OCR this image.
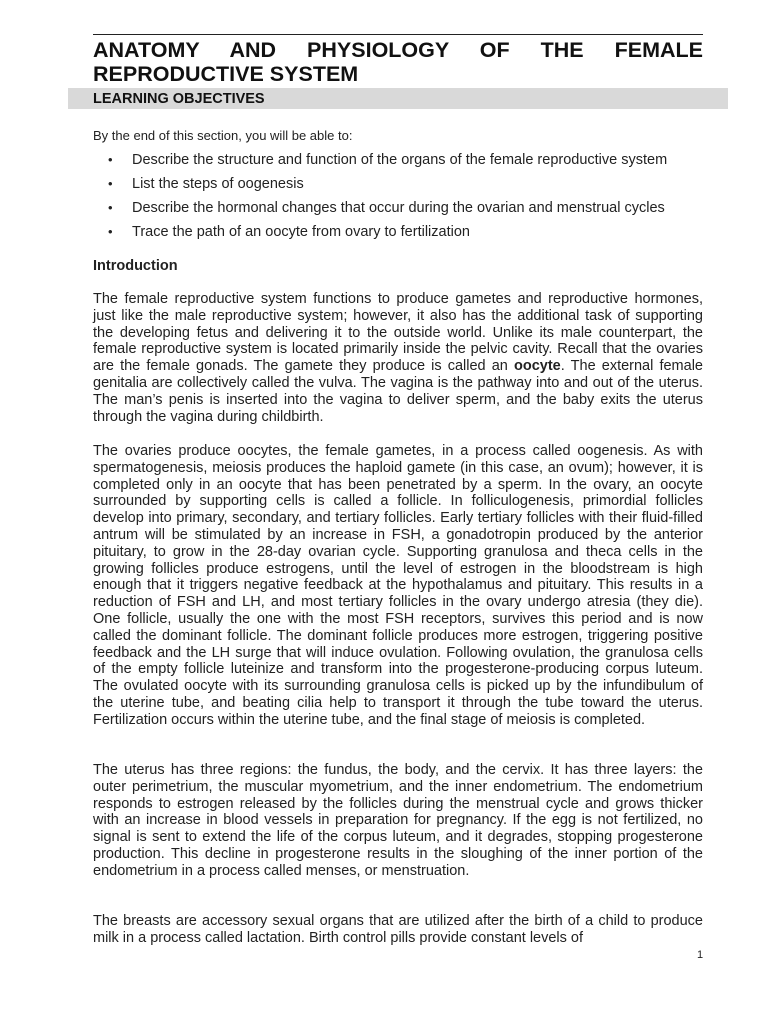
ANATOMY AND PHYSIOLOGY OF THE FEMALE REPRODUCTIVE SYSTEM
LEARNING OBJECTIVES

By the end of this section, you will be able to:

• Describe the structure and function of the organs of the female reproductive system
• List the steps of oogenesis
• Describe the hormonal changes that occur during the ovarian and menstrual cycles
• Trace the path of an oocyte from ovary to fertilization
Introduction

The female reproductive system functions to produce gametes and reproductive hormones, just like the male reproductive system; however, it also has the additional task of supporting the developing fetus and delivering it to the outside world. Unlike its male counterpart, the female reproductive system is located primarily inside the pelvic cavity. Recall that the ovaries are the female gonads. The gamete they produce is called an oocyte. The external female genitalia are collectively called the vulva. The vagina is the pathway into and out of the uterus. The man’s penis is inserted into the vagina to deliver sperm, and the baby exits the uterus through the vagina during childbirth.

The ovaries produce oocytes, the female gametes, in a process called oogenesis. As with spermatogenesis, meiosis produces the haploid gamete (in this case, an ovum); however, it is completed only in an oocyte that has been penetrated by a sperm. In the ovary, an oocyte surrounded by supporting cells is called a follicle. In folliculogenesis, primordial follicles develop into primary, secondary, and tertiary follicles. Early tertiary follicles with their fluid-filled antrum will be stimulated by an increase in FSH, a gonadotropin produced by the anterior pituitary, to grow in the 28-day ovarian cycle. Supporting granulosa and theca cells in the growing follicles produce estrogens, until the level of estrogen in the bloodstream is high enough that it triggers negative feedback at the hypothalamus and pituitary. This results in a reduction of FSH and LH, and most tertiary follicles in the ovary undergo atresia (they die). One follicle, usually the one with the most FSH receptors, survives this period and is now called the dominant follicle. The dominant follicle produces more estrogen, triggering positive feedback and the LH surge that will induce ovulation. Following ovulation, the granulosa cells of the empty follicle luteinize and transform into the progesterone-producing corpus luteum. The ovulated oocyte with its surrounding granulosa cells is picked up by the infundibulum of the uterine tube, and beating cilia help to transport it through the tube toward the uterus. Fertilization occurs within the uterine tube, and the final stage of meiosis is completed.

The uterus has three regions: the fundus, the body, and the cervix. It has three layers: the outer perimetrium, the muscular myometrium, and the inner endometrium. The endometrium responds to estrogen released by the follicles during the menstrual cycle and grows thicker with an increase in blood vessels in preparation for pregnancy. If the egg is not fertilized, no signal is sent to extend the life of the corpus luteum, and it degrades, stopping progesterone production. This decline in progesterone results in the sloughing of the inner portion of the endometrium in a process called menses, or menstruation.

The breasts are accessory sexual organs that are utilized after the birth of a child to produce milk in a process called lactation. Birth control pills provide constant levels of

1
